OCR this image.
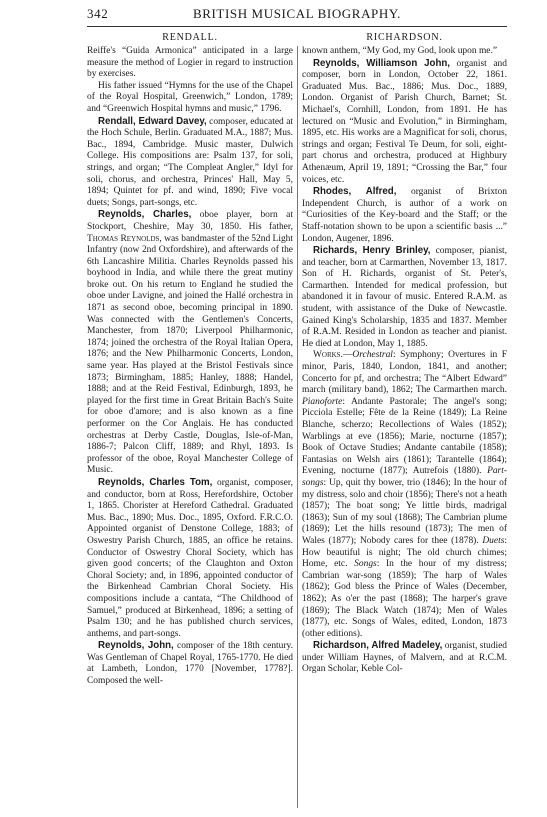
342	BRITISH MUSICAL BIOGRAPHY.
RENDALL.	RICHARDSON.

Reiffe's “Guida Armonica” anticipated in a large measure the method of Logier in regard to instruction by exercises.

His father issued “Hymns for the use of the Chapel of the Royal Hospital, Greenwich,” London, 1789; and “Greenwich Hospital hymns and music,” 1796.

Rendall, Edward Davey, composer, educated at the Hoch Schule, Berlin. Graduated M.A., 1887; Mus. Bac., 1894, Cambridge. Music master, Dulwich College. His compositions are: Psalm 137, for soli, strings, and organ; “The Compleat Angler,” Idyl for soli, chorus, and orchestra, Princes' Hall, May 5, 1894; Quintet for pf. and wind, 1890; Five vocal duets; Songs, part-songs, etc.

Reynolds, Charles, oboe player, born at Stockport, Cheshire, May 30, 1850. His father, Thomas Reynolds, was bandmaster of the 52nd Light Infantry (now 2nd Oxfordshire), and afterwards of the 6th Lancashire Militia. Charles Reynolds passed his boyhood in India, and while there the great mutiny broke out. On his return to England he studied the oboe under Lavigne, and joined the Hallé orchestra in 1871 as second oboe, becoming principal in 1890. Was connected with the Gentlemen's Concerts, Manchester, from 1870; Liverpool Philharmonic, 1874; joined the orchestra of the Royal Italian Opera, 1876; and the New Philharmonic Concerts, London, same year. Has played at the Bristol Festivals since 1873; Birmingham, 1885; Hanley, 1888; Handel, 1888; and at the Reid Festival, Edinburgh, 1893, he played for the first time in Great Britain Bach's Suite for oboe d'amore; and is also known as a fine performer on the Cor Anglais. He has conducted orchestras at Derby Castle, Douglas, Isle-of-Man, 1886-7; Palcon Cliff, 1889; and Rhyl, 1893. Is professor of the oboe, Royal Manchester College of Music.

Reynolds, Charles Tom, organist, composer, and conductor, born at Ross, Herefordshire, October 1, 1865. Chorister at Hereford Cathedral. Graduated Mus. Bac., 1890; Mus. Doc., 1895, Oxford. F.R.C.O. Appointed organist of Denstone College, 1883; of Oswestry Parish Church, 1885, an office he retains. Conductor of Oswestry Choral Society, which has given good concerts; of the Claughton and Oxton Choral Society; and, in 1896, appointed conductor of the Birkenhead Cambrian Choral Society. His compositions include a cantata, “The Childhood of Samuel,” produced at Birkenhead, 1896; a setting of Psalm 130; and he has published church services, anthems, and part-songs.

Reynolds, John, composer of the 18th century. Was Gentleman of Chapel Royal, 1765-1770. He died at Lambeth, London, 1770 [November, 1778?]. Composed the well-

known anthem, “My God, my God, look upon me.”

Reynolds, Williamson John, organist and composer, born in London, October 22, 1861. Graduated Mus. Bac., 1886; Mus. Doc., 1889, London. Organist of Parish Church, Barnet; St. Michael's, Cornhill, London, from 1891. He has lectured on “Music and Evolution,” in Birmingham, 1895, etc. His works are a Magnificat for soli, chorus, strings and organ; Festival Te Deum, for soli, eight-part chorus and orchestra, produced at Highbury Athenæum, April 19, 1891; “Crossing the Bar,” four voices, etc.

Rhodes, Alfred, organist of Brixton Independent Church, is author of a work on “Curiosities of the Key-board and the Staff; or the Staff-notation shown to be upon a scientific basis ...” London, Augener, 1896.

Richards, Henry Brinley, composer, pianist, and teacher, born at Carmarthen, November 13, 1817. Son of H. Richards, organist of St. Peter's, Carmarthen. Intended for medical profession, but abandoned it in favour of music. Entered R.A.M. as student, with assistance of the Duke of Newcastle. Gained King's Scholarship, 1835 and 1837. Member of R.A.M. Resided in London as teacher and pianist. He died at London, May 1, 1885.

Works.—Orchestral: Symphony; Overtures in F minor, Paris, 1840, London, 1841, and another; Concerto for pf, and orchestra; The “Albert Edward” march (military band), 1862; The Carmarthen march. Pianoforte: Andante Pastorale; The angel's song; Picciola Estelle; Fête de la Reine (1849); La Reine Blanche, scherzo; Recollections of Wales (1852); Warblings at eve (1856); Marie, nocturne (1857); Book of Octave Studies; Andante cantabile (1858); Fantasias on Welsh airs (1861); Tarantelle (1864); Evening, nocturne (1877); Autrefois (1880). Part-songs: Up, quit thy bower, trio (1846); In the hour of my distress, solo and choir (1856); There's not a heath (1857); The boat song; Ye little birds, madrigal (1863); Sun of my soul (1868); The Cambrian plume (1869); Let the hills resound (1873); The men of Wales (1877); Nobody cares for thee (1878). Duets: How beautiful is night; The old church chimes; Home, etc. Songs: In the hour of my distress; Cambrian war-song (1859); The harp of Wales (1862); God bless the Prince of Wales (December, 1862); As o'er the past (1868); The harper's grave (1869); The Black Watch (1874); Men of Wales (1877), etc. Songs of Wales, edited, London, 1873 (other editions).

Richardson, Alfred Madeley, organist, studied under William Haynes, of Malvern, and at R.C.M. Organ Scholar, Keble Col-
